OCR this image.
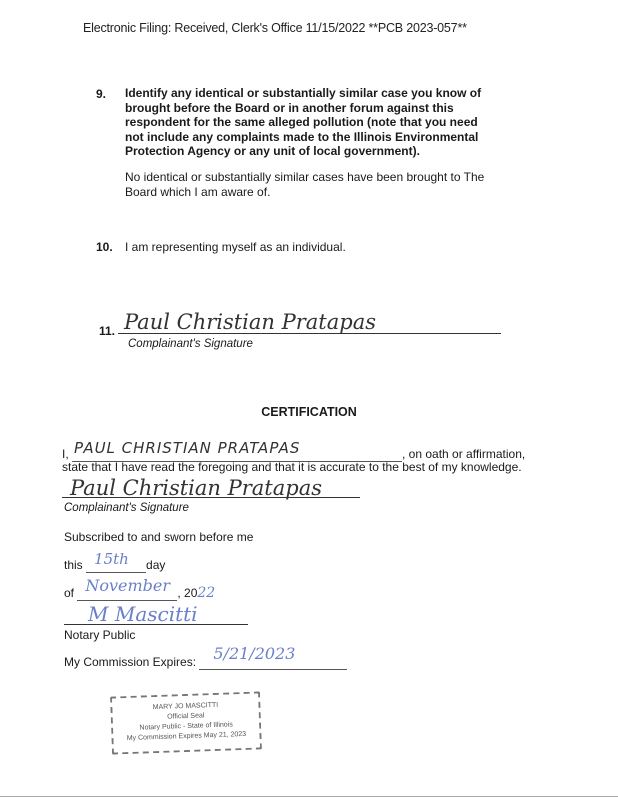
Electronic Filing: Received, Clerk's Office 11/15/2022 **PCB 2023-057**
9. Identify any identical or substantially similar case you know of brought before the Board or in another forum against this respondent for the same alleged pollution (note that you need not include any complaints made to the Illinois Environmental Protection Agency or any unit of local government).
No identical or substantially similar cases have been brought to The Board which I am aware of.
10. I am representing myself as an individual.
11. Paul Christian Pratapas
Complainant's Signature
CERTIFICATION
I, PAUL CHRISTIAN PRATAPAS	, on oath or affirmation,
state that I have read the foregoing and that it is accurate to the best of my knowledge.
Paul Christian Pratapas
Complainant's Signature
Subscribed to and sworn before me
this 15th day
of November , 2022
M Mascitti
Notary Public
My Commission Expires: 5/21/2023
MARY JO MASCITTI
Official Seal
Notary Public - State of Illinois
My Commission Expires May 21, 2023
